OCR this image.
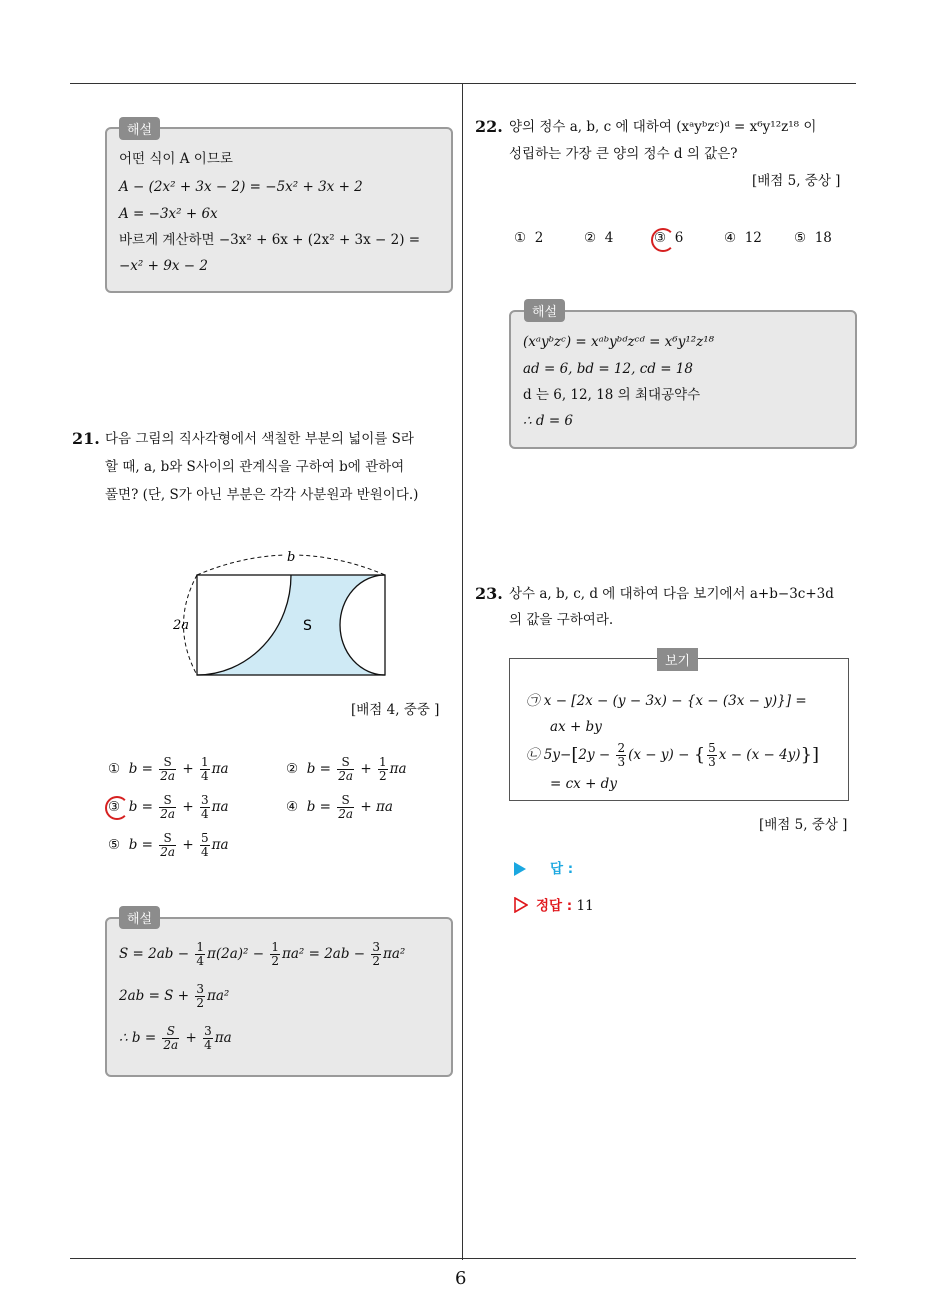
6
어떤 식이 A 이므로
A − (2x² + 3x − 2) = −5x² + 3x + 2
A = −3x² + 6x
바르게 계산하면 −3x² + 6x + (2x² + 3x − 2) =
−x² + 9x − 2
해설
21. 다음 그림의 직사각형에서 색칠한 부분의 넓이를 S라
할 때, a, b와 S사이의 관계식을 구하여 b에 관하여
풀면? (단, S가 아닌 부분은 각각 사분원과 반원이다.)
b
2a	S
[배점 4, 중중 ]
① $b = \frac{S}{2a} + \frac{1}{4}$ πa	② $b = \frac{S}{2a} + \frac{1}{2}$ πa
③ $b = \frac{S}{2a} + \frac{3}{4}$ πa	④ $b = \frac{S}{2a} + \pi a$
⑤ $b = \frac{S}{2a} + \frac{5}{4}$ πa
$S = 2ab - \frac{1}{4} \pi(2a)^2 - \frac{1}{2} \pi a^2 = 2ab - \frac{3}{2} \pi a^2$
$2ab = S + \frac{3}{2} \pi a^2$
∴ $b = \frac{S}{2a} + \frac{3}{4}$ πa
해설
22. 양의 정수 a, b, c 에 대하여 (xᵃyᵇzᶜ)ᵈ = x⁶y¹²z¹⁸ 이
성립하는 가장 큰 양의 정수 d 의 값은?
[배점 5, 중상 ]
① 2	② 4	③ 6	④ 12 ⑤ 18
(xᵃyᵇzᶜ) = xᵃᵇyᵇᵈzᶜᵈ = x⁶y¹²z¹⁸
ad = 6, bd = 12, cd = 18
d 는 6, 12, 18 의 최대공약수
∴ d = 6
해설
23. 상수 a, b, c, d 에 대하여 다음 보기에서 a+b−3c+3d
의 값을 구하여라.
㉠ x − [2x − (y − 3x) − {x − (3x − y)}] =
ax + by
㉡ $5y-[2y - \frac{2}{3} (x - y)$ − { $\frac{5}{3}$ x − (x − 4y)}]
= cx + dy
보기
[배점 5, 중상 ]
답 :
정답 : 11
